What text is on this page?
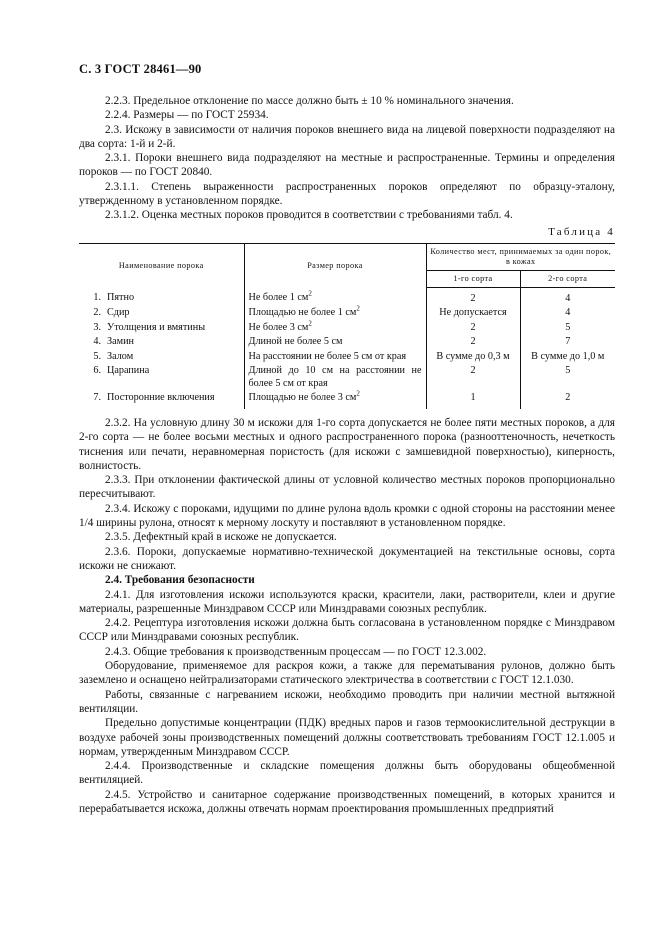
С. 3 ГОСТ 28461—90

2.2.3. Предельное отклонение по массе должно быть ± 10 % номинального значения.

2.2.4. Размеры — по ГОСТ 25934.

2.3. Искожу в зависимости от наличия пороков внешнего вида на лицевой поверхности подразделяют на два сорта: 1-й и 2-й.

2.3.1. Пороки внешнего вида подразделяют на местные и распространенные. Термины и определения пороков — по ГОСТ 20840.

2.3.1.1. Степень выраженности распространенных пороков определяют по образцу-эталону, утвержденному в установленном порядке.

2.3.1.2. Оценка местных пороков проводится в соответствии с требованиями табл. 4.

Таблица 4
Наименование порока	Размер порока	Количество мест, принимаемых за один порок, в кожах	
		1-го сорта	2-го сорта
1. Пятно	Не более 1 $см^2$	2	4
2. Сдир	Площадью не более 1 $см^2$	Не допускается	4
3. Утолщения и вмятины	Не более 3 $см^2$	2	5
4. Замин	Длиной не более 5 см	2	7
5. Залом	На расстоянии не более 5 см от края	В сумме до 0,3 м	В сумме до 1,0 м
6. Царапина	Длиной до 10 см на расстоянии не более 5 см от края	2	5
7. Посторонние включения	Площадью не более 3 $см^2$	1	2

2.3.2. На условную длину 30 м искожи для 1-го сорта допускается не более пяти местных пороков, а для 2-го сорта — не более восьми местных и одного распространенного порока (разнооттеночность, нечеткость тиснения или печати, неравномерная пористость (для искожи с замшевидной поверхностью), киперность, волнистость.

2.3.3. При отклонении фактической длины от условной количество местных пороков пропорционально пересчитывают.

2.3.4. Искожу с пороками, идущими по длине рулона вдоль кромки с одной стороны на расстоянии менее 1/4 ширины рулона, относят к мерному лоскуту и поставляют в установленном порядке.

2.3.5. Дефектный край в искоже не допускается.

2.3.6. Пороки, допускаемые нормативно-технической документацией на текстильные основы, сорта искожи не снижают.

2.4. Требования безопасности

2.4.1. Для изготовления искожи используются краски, красители, лаки, растворители, клеи и другие материалы, разрешенные Минздравом СССР или Минздравами союзных республик.

2.4.2. Рецептура изготовления искожи должна быть согласована в установленном порядке с Минздравом СССР или Минздравами союзных республик.

2.4.3. Общие требования к производственным процессам — по ГОСТ 12.3.002.

Оборудование, применяемое для раскроя кожи, а также для перематывания рулонов, должно быть заземлено и оснащено нейтрализаторами статического электричества в соответствии с ГОСТ 12.1.030.

Работы, связанные с нагреванием искожи, необходимо проводить при наличии местной вытяжной вентиляции.

Предельно допустимые концентрации (ПДК) вредных паров и газов термоокислительной деструкции в воздухе рабочей зоны производственных помещений должны соответствовать требованиям ГОСТ 12.1.005 и нормам, утвержденным Минздравом СССР.

2.4.4. Производственные и складские помещения должны быть оборудованы общеобменной вентиляцией.

2.4.5. Устройство и санитарное содержание производственных помещений, в которых хранится и перерабатывается искожа, должны отвечать нормам проектирования промышленных предприятий
